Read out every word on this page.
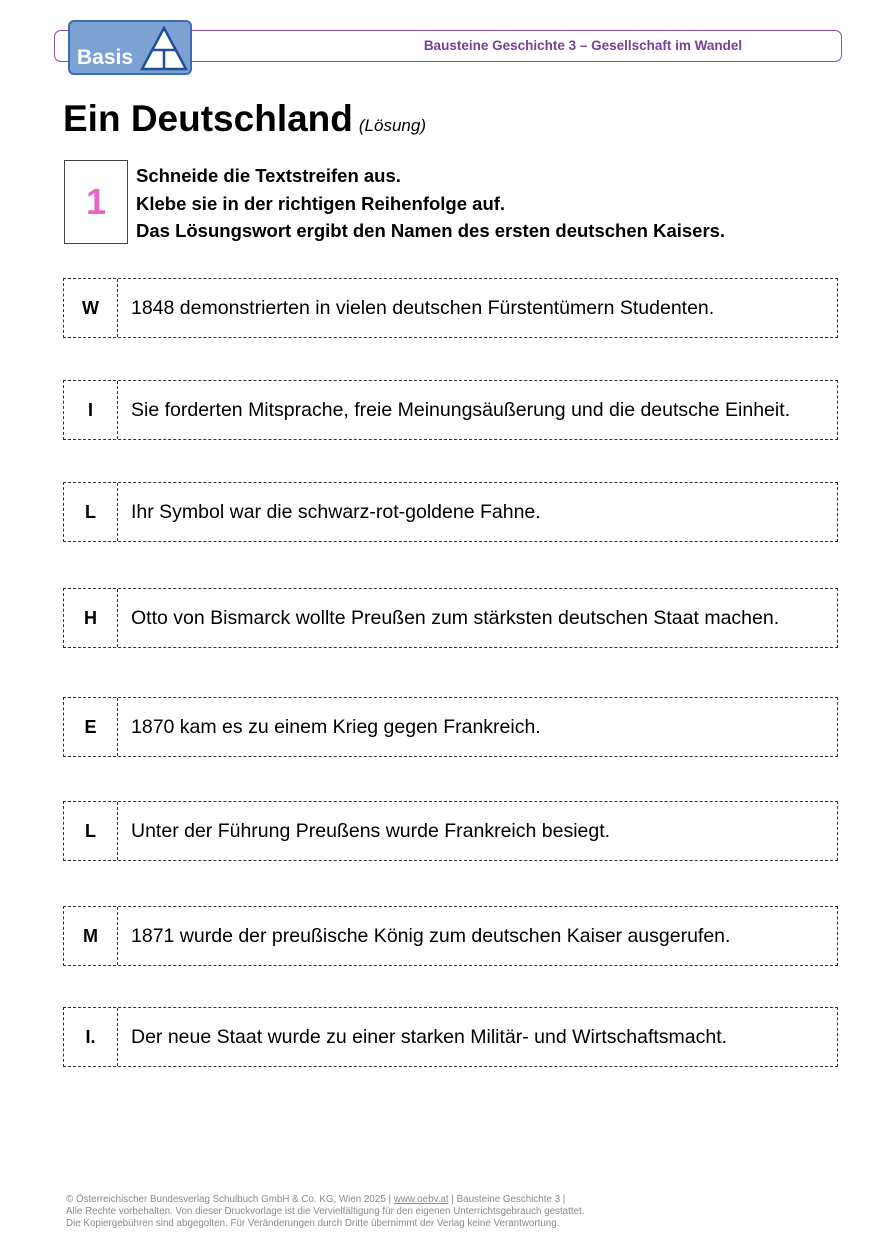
Bausteine Geschichte 3 – Gesellschaft im Wandel
Basis
Ein Deutschland (Lösung)
1
Schneide die Textstreifen aus.
Klebe sie in der richtigen Reihenfolge auf.
Das Lösungswort ergibt den Namen des ersten deutschen Kaisers.
W	1848 demonstrierten in vielen deutschen Fürstentümern Studenten.
I	Sie forderten Mitsprache, freie Meinungsäußerung und die deutsche Einheit.
L	Ihr Symbol war die schwarz-rot-goldene Fahne.
H	Otto von Bismarck wollte Preußen zum stärksten deutschen Staat machen.
E	1870 kam es zu einem Krieg gegen Frankreich.
L	Unter der Führung Preußens wurde Frankreich besiegt.
M	1871 wurde der preußische König zum deutschen Kaiser ausgerufen.
I.	Der neue Staat wurde zu einer starken Militär- und Wirtschaftsmacht.
© Österreichischer Bundesverlag Schulbuch GmbH & Co. KG, Wien 2025 | www.oebv.at | Bausteine Geschichte 3 |
Alle Rechte vorbehalten. Von dieser Druckvorlage ist die Vervielfältigung für den eigenen Unterrichtsgebrauch gestattet.
Die Kopiergebühren sind abgegolten. Für Veränderungen durch Dritte übernimmt der Verlag keine Verantwortung.
